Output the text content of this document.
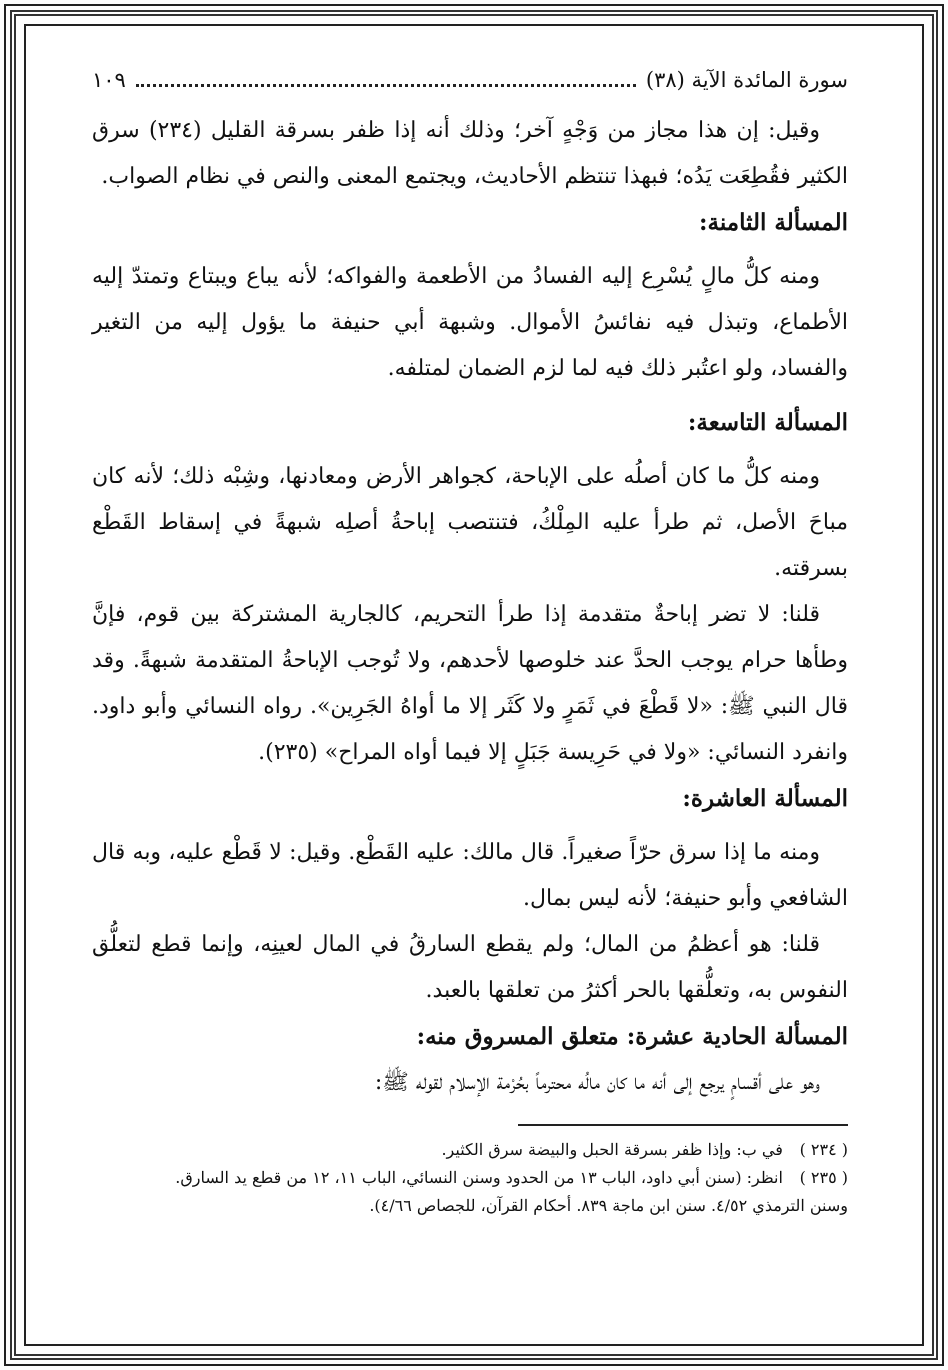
سورة المائدة الآية (٣٨)
١٠٩

وقيل: إن هذا مجاز من وَجْهٍ آخر؛ وذلك أنه إذا ظفر بسرقة القليل (٢٣٤) سرق الكثير فقُطِعَت يَدُه؛ فبهذا تنتظم الأحاديث، ويجتمع المعنى والنص في نظام الصواب.

المسألة الثامنة:

ومنه كلُّ مالٍ يُسْرِع إليه الفسادُ من الأطعمة والفواكه؛ لأنه يباع ويبتاع وتمتدّ إليه الأطماع، وتبذل فيه نفائسُ الأموال. وشبهة أبي حنيفة ما يؤول إليه من التغير والفساد، ولو اعتُبر ذلك فيه لما لزم الضمان لمتلفه.

المسألة التاسعة:

ومنه كلُّ ما كان أصلُه على الإباحة، كجواهر الأرض ومعادنها، وشِبْه ذلك؛ لأنه كان مباحَ الأصل، ثم طرأ عليه المِلْكُ، فتنتصب إباحةُ أصلِه شبهةً في إسقاط القَطْع بسرقته.

قلنا: لا تضر إباحةٌ متقدمة إذا طرأ التحريم، كالجارية المشتركة بين قوم، فإنَّ وطأها حرام يوجب الحدَّ عند خلوصها لأحدهم، ولا تُوجب الإباحةُ المتقدمة شبهةً. وقد قال النبي ﷺ: «لا قَطْعَ في ثَمَرٍ ولا كَثَر إلا ما أواهُ الجَرِين». رواه النسائي وأبو داود. وانفرد النسائي: «ولا في حَرِيسة جَبَلٍ إلا فيما أواه المراح» (٢٣٥).

المسألة العاشرة:

ومنه ما إذا سرق حرّاً صغيراً. قال مالك: عليه القَطْع. وقيل: لا قَطْع عليه، وبه قال الشافعي وأبو حنيفة؛ لأنه ليس بمال.

قلنا: هو أعظمُ من المال؛ ولم يقطع السارقُ في المال لعينِه، وإنما قطع لتعلُّق النفوس به، وتعلُّقها بالحر أكثرُ من تعلقها بالعبد.

المسألة الحادية عشرة: متعلق المسروق منه:

وهو على أقسامٍ يرجع إلى أنه ما كان مالُه محترماً بحُرْمة الإسلام لقوله ﷺ:

( ٢٣٤ ) في ب: وإذا ظفر بسرقة الحبل والبيضة سرق الكثير.

( ٢٣٥ ) انظر: (سنن أبي داود، الباب ١٣ من الحدود وسنن النسائي، الباب ١١، ١٢ من قطع يد السارق.

وسنن الترمذي ٤/٥٢. سنن ابن ماجة ٨٣٩. أحكام القرآن، للجصاص ٤/٦٦).
